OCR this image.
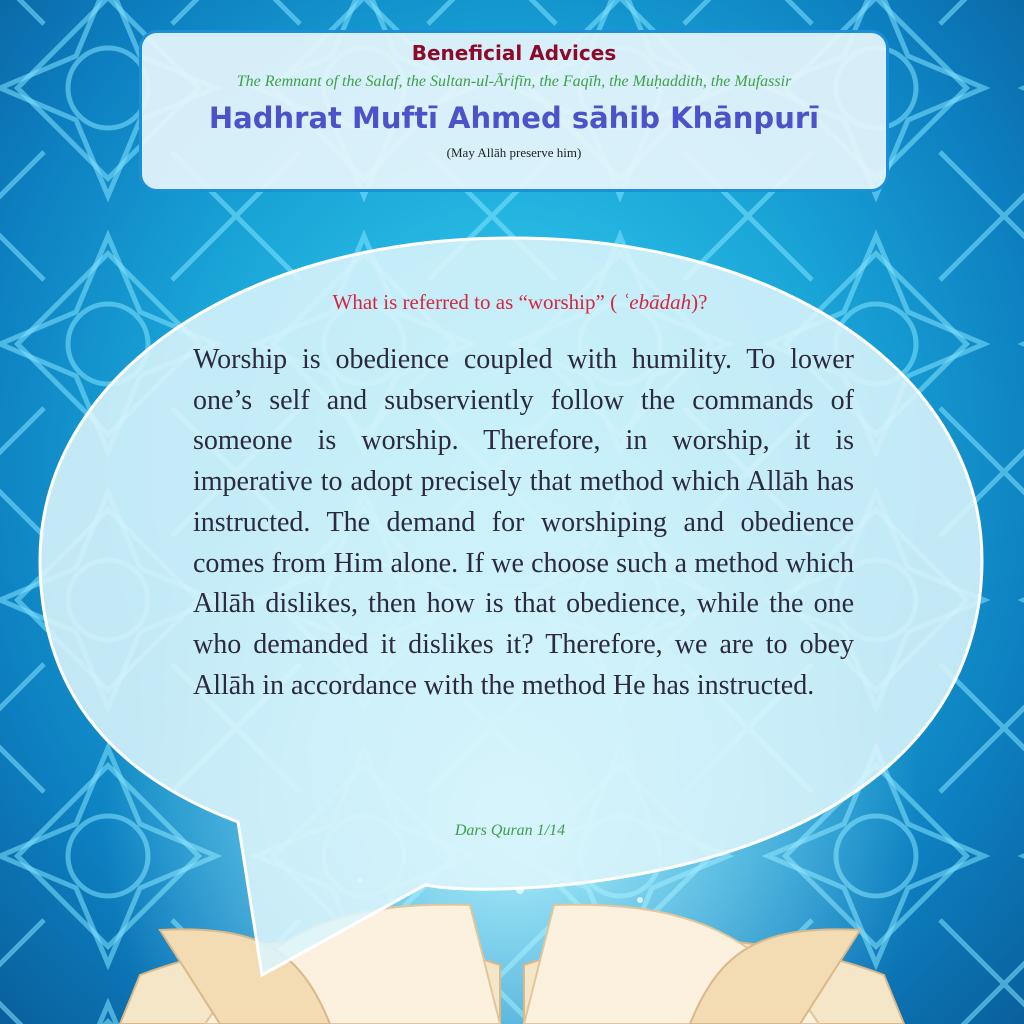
Beneficial Advices
The Remnant of the Salaf, the Sultan-ul-Ārifīn, the Faqīh, the Muḥaddith, the Mufassir
Hadhrat Muftī Ahmed sāhib Khānpurī
(May Allāh preserve him)
What is referred to as “worship” ( ʿebādah)?
Worship is obedience coupled with humility. To lower one’s self and subserviently follow the commands of someone is worship. Therefore, in worship, it is imperative to adopt precisely that method which Allāh has instructed. The demand for worshiping and obedience comes from Him alone. If we choose such a method which Allāh dislikes, then how is that obedience, while the one who demanded it dislikes it? Therefore, we are to obey Allāh in accordance with the method He has instructed.
Dars Quran 1/14
